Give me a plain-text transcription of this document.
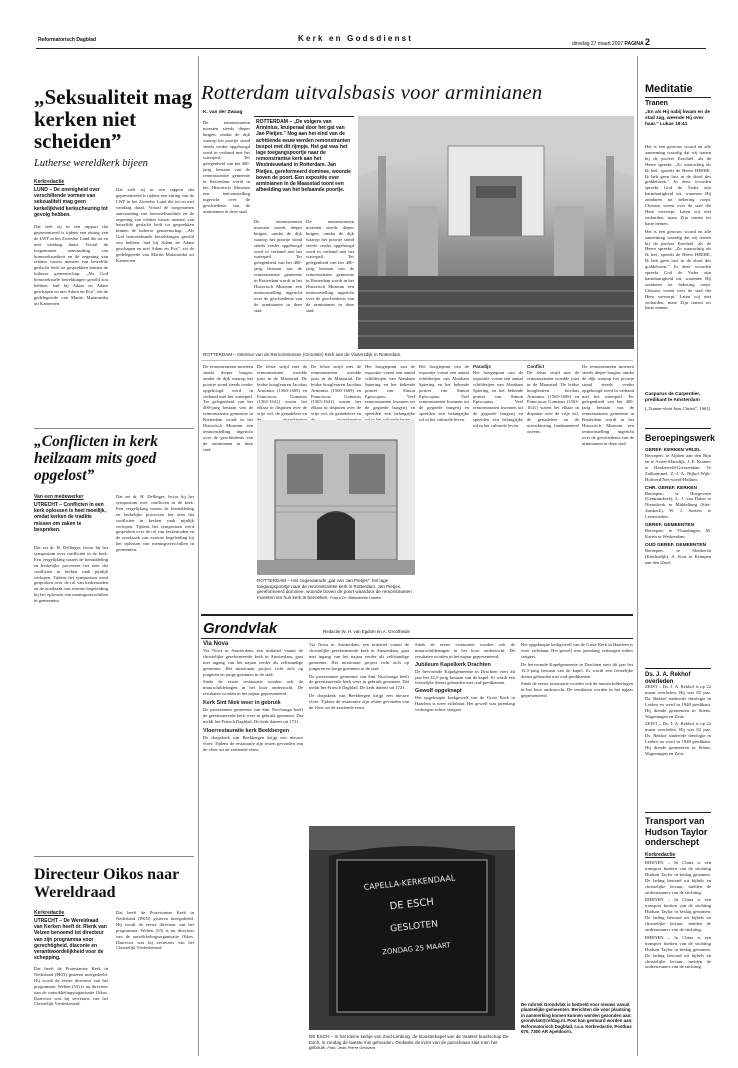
Reformatorisch Dagblad	Kerk en Godsdienst
dinsdag 27 maart 2007 PAGINA 2
„Seksualiteit mag kerken niet scheiden”
Lutherse wereldkerk bijeen
Kerkredactie
LUND – De onenigheid over verschillende vormen van seksualiteit mag geen kerkelijkheid kerkscheuring tot gevolg hebben.

Dat stelt zij in een rapport dat gepresenteerd is tijdens een zitting van de LWF in het Zweedse Lund die tot en met vandaag duurt. Vooral de toegenomen aanvaarding van homoseksualiteit en de zegening van relaties tussen mensen van hetzelfde geslacht leidt tot gesprekken binnen de lutherse gemeenschap. „Als God homoseksuele betrekkingen gewild zou hebben, had hij Adam en Adam geschapen en niet Adam en Eva”, zei de gedelegeerde van Martin Mutaromba uit Kameroen.

Dat stelt zij in een rapport dat gepresenteerd is tijdens een zitting van de LWF in het Zweedse Lund die tot en met vandaag duurt. Vooral de toegenomen aanvaarding van homoseksualiteit en de zegening van relaties tussen mensen van hetzelfde geslacht leidt tot gesprekken binnen de lutherse gemeenschap. „Als God homoseksuele betrekkingen gewild zou hebben, had hij Adam en Adam geschapen en niet Adam en Eva”, zei de gedelegeerde van Martin Mutaromba uit Kameroen.

„Conflicten in kerk heilzaam mits goed opgelost”
Van een medewerker
UTRECHT – Conflicten in een kerk oplossen is heel moeilijk, omdat kerken de traditie missen om zaken te bespreken.

Dat zei dr. H. Dellinger, lector bij het symposium over conflicten in de kerk. Een vergelijking tussen de bemiddeling en kerkelijke processen liet zien dat conflicten in kerken vaak pijnlijk verlopen. Tijdens het symposium werd gesproken over de rol van kerkenraden en de noodzaak van externe begeleiding bij het oplossen van meningsverschillen in gemeenten.

Dat zei dr. H. Dellinger, lector bij het symposium over conflicten in de kerk. Een vergelijking tussen de bemiddeling en kerkelijke processen liet zien dat conflicten in kerken vaak pijnlijk verlopen. Tijdens het symposium werd gesproken over de rol van kerkenraden en de noodzaak van externe begeleiding bij het oplossen van meningsverschillen in gemeenten.

Directeur Oikos naar Wereldraad
Kerkredactie
UTRECHT – De Wereldraad van Kerken heeft dr. Rienk van Velzen benoemd tot directeur van zijn programma voor gerechtigheid, diaconie en verantwoordelijkheid voor de schepping.

Dat heeft de Protestantse Kerk in Nederland (PKN) gisteren meegedeeld. Hij wordt de eerste directeur van het programma. Welten (55) is nu directeur van de ontwikkelingsorganisatie Oikos. Daarvoor was hij secretaris van het Christelijk Vredesberaad.

Dat heeft de Protestantse Kerk in Nederland (PKN) gisteren meegedeeld. Hij wordt de eerste directeur van het programma. Welten (55) is nu directeur van de ontwikkelingsorganisatie Oikos. Daarvoor was hij secretaris van het Christelijk Vredesberaad.

Rotterdam uitvalsbasis voor arminianen
K. van der Zwaag

De remonstranten moesten steeds dieper buigen, omdat de dijk waarop het poortje stond steeds verder opgehoogd werd in verband met het waterpeil. Ter gelegenheid van het 400-jarig bestaan van de remonstrantse gemeente in Rotterdam wordt in het Historisch Museum een tentoonstelling ingericht over de geschiedenis van de arminianen in deze stad.

ROTTERDAM – „De volgers van Arminius, kruiperaal door het gat van Jan Pietjes.” Nog aan het eind van de achttiende eeuw werden remonstranten bespot met dit rijmpje. Het gat was het lage toegangspoortje naar de remonstrantse kerk aan het Westnieuwland in Rotterdam. Jan Pietjes, gereformeerd dominee, woonde boven de poort. Een expositie over arminianen in de Maasstad toont een afbeelding van het befaamde poortje.

De remonstranten moesten steeds dieper buigen, omdat de dijk waarop het poortje stond steeds verder opgehoogd werd in verband met het waterpeil. Ter gelegenheid van het 400-jarig bestaan van de remonstrantse gemeente in Rotterdam wordt in het Historisch Museum een tentoonstelling ingericht over de geschiedenis van de arminianen in deze stad.

De remonstranten moesten steeds dieper buigen, omdat de dijk waarop het poortje stond steeds verder opgehoogd werd in verband met het waterpeil. Ter gelegenheid van het 400-jarig bestaan van de remonstrantse gemeente in Rotterdam wordt in het Historisch Museum een tentoonstelling ingericht over de geschiedenis van de arminianen in deze stad.

ROTTERDAM – Interieur van de Remonstrantse (Grootste) Kerk aan de Vissersdijk in Rotterdam.

De remonstranten moesten steeds dieper buigen, omdat de dijk waarop het poortje stond steeds verder opgehoogd werd in verband met het waterpeil. Ter gelegenheid van het 400-jarig bestaan van de remonstrantse gemeente in Rotterdam wordt in het Historisch Museum een tentoonstelling ingericht over de geschiedenis van de arminianen in deze stad.

De felste strijd met de remonstranten woedde juist in de Maasstad. De leidse hoogleraren Jacobus Arminius (1560-1609) en Franciscus Gomarus (1563-1641) waren het elkaar in disputen over de vrije wil, de genadeleer en

De felste strijd met de remonstranten woedde juist in de Maasstad. De leidse hoogleraren Jacobus Arminius (1560-1609) en Franciscus Gomarus (1563-1641) waren het elkaar in disputen over de vrije wil, de genadeleer en

Het hoogtepunt van de expositie vormt een aantal schilderijen van Abraham Spiering en het bekende portret van Simon Episcopius. Veel remonstranten kwamen uit de gegoede burgerij en speelden een belangrijke

ROTTERDAM – Het zogenaamde „gat van Jan Pietjes”: het lage toegangspoortje naar de remonstrantse kerk in Rotterdam. Jan Pietjes, gereformeerd dominee, woonde boven de poort waardoor de remonstranten moesten om hun kerk te bezoeken. Foto's Dr. Bibliotheek Leiden

Het hoogtepunt van de expositie vormt een aantal schilderijen van Abraham Spiering en het bekende portret van Simon Episcopius. Veel remonstranten kwamen uit de gegoede burgerij en speelden een belangrijke rol in het culturele leven.

Paradijs

Het hoogtepunt van de expositie vormt een aantal schilderijen van Abraham Spiering en het bekende portret van Simon Episcopius. Veel remonstranten kwamen uit de gegoede burgerij en speelden een belangrijke rol in het culturele leven.

Conflict

De felste strijd met de remonstranten woedde juist in de Maasstad. De leidse hoogleraren Jacobus Arminius (1560-1609) en Franciscus Gomarus (1563-1641) waren het elkaar in disputen over de vrije wil, de genadeleer en de uitverkiezing fundamenteel oneens.

De remonstranten moesten steeds dieper buigen, omdat de dijk waarop het poortje stond steeds verder opgehoogd werd in verband met het waterpeil. Ter gelegenheid van het 400-jarig bestaan van de remonstrantse gemeente in Rotterdam wordt in het Historisch Museum een tentoonstelling ingericht over de geschiedenis van de arminianen in deze stad.

Grondvlak	Redactie W. H. van Egdom en A. Grootheide
Via Nova

Via Nova in Amsterdam, een initiatief vanuit de christelijke gereformeerde kerk in Amsterdam, gaat met ingang van het najaar verder als zelfstandige gemeente. Het missionair project richt zich op jongeren en jonge gezinnen in de stad.

Sinds de eerste restauratie worden ook de muurschilderingen in het koor onderzocht. De resultaten worden in het najaar gepresenteerd.

Kerk Sint Niek weer in gebruik

De protestantse gemeente van Sint Nicolaasga heeft de gerestaureerde kerk weer in gebruik genomen. Dat meldt het Friesch Dagblad. De kerk dateert uit 1721.

Vloerrestauratie kerk Beekbergen

De dorpskerk van Beekbergen krijgt een nieuwe vloer. Tijdens de restauratie zijn resten gevonden van de vloer uit de zestiende eeuw.

Via Nova in Amsterdam, een initiatief vanuit de christelijke gereformeerde kerk in Amsterdam, gaat met ingang van het najaar verder als zelfstandige gemeente. Het missionair project richt zich op jongeren en jonge gezinnen in de stad.

De protestantse gemeente van Sint Nicolaasga heeft de gerestaureerde kerk weer in gebruik genomen. Dat meldt het Friesch Dagblad. De kerk dateert uit 1721.

De dorpskerk van Beekbergen krijgt een nieuwe vloer. Tijdens de restauratie zijn resten gevonden van de vloer uit de zestiende eeuw.

Sinds de eerste restauratie worden ook de muurschilderingen in het koor onderzocht. De resultaten worden in het najaar gepresenteerd.

Jubileum Kapelkerk Drachten

De hervormde Kapelgemeente in Drachten viert dit jaar het 12,5-jarig bestaan van de kapel. Er wordt een feestelijke dienst gehouden met oud-predikanten.

Gewolf opgeknapt

Het opgeknapte kerkgewelf van de Grote Kerk in Haarlem is weer zichtbaar. Het gewelf was jarenlang verborgen achter steigers.

Het opgeknapte kerkgewelf van de Grote Kerk in Haarlem is weer zichtbaar. Het gewelf was jarenlang verborgen achter steigers.

De hervormde Kapelgemeente in Drachten viert dit jaar het 12,5-jarig bestaan van de kapel. Er wordt een feestelijke dienst gehouden met oud-predikanten.

Sinds de eerste restauratie worden ook de muurschilderingen in het koor onderzocht. De resultaten worden in het najaar gepresenteerd.

De rubriek Grondvlak is bedoeld voor nieuws vanuit plaatselijke gemeenten. Berichten die voor plaatsing in aanmerking komen kunnen worden gezonden aan: grondvlak@refdag.nl. Post kan gestuurd worden aan: Reformatorisch Dagblad, t.a.v. Kerkredactie, Postbus 670, 7300 AR Apeldoorn.
CAPELLA-KERKENDAAL
DE ESCH
GESLOTEN
ZONDAG 25 MAART
DE ESCH – In het kleine kerkje van Zuid-Limburg, de kloosterkapel van de Vaalser buurtschap De Esch, is zondag de laatste mis gehouden. Ondanks de inzet van de parochiaan sluit men het gebouw. Foto: Jean-Pierre Geusens
Meditatie
Tranen
„En als Hij nabij kwam en de stad zag, weende Hij over haar.” Lukas 19:41

Het is een getrouw woord en alle aanneming waardig dat wij tranen bij de profeet Ezechiël, als de Heere spreekt: „Zo waarachtig als Ik leef, spreekt de Heere HEERE, Ik heb geen lust in de dood des goddelozen.” In deze woorden spreekt God de Vader zijn barmhartigheid uit, waarmee Hij zondaren tot bekering roept. Christus weent over de stad die Hem verwerpt. Laten wij niet verharden, maar Zijn tranen ter harte nemen.

Het is een getrouw woord en alle aanneming waardig dat wij tranen bij de profeet Ezechiël, als de Heere spreekt: „Zo waarachtig als Ik leef, spreekt de Heere HEERE, Ik heb geen lust in de dood des goddelozen.” In deze woorden spreekt God de Vader zijn barmhartigheid uit, waarmee Hij zondaren tot bekering roept. Christus weent over de stad die Hem verwerpt. Laten wij niet verharden, maar Zijn tranen ter harte nemen.

Casparus de Carpentier, predikant te Amsterdam
(„Tranen-vloet Jezu Christi”, 1661)
Beroepingswerk
GEREF. KERKEN VRIJG.
Beroepen: te Alphen aan den Rijn en te Assen-Marsdijk, J. E. Kramer te Hardenveld-Giessendam. Te Zaltbommel, Z.-J. A. Nijhof-Wijk-Holwerd/Nes-wierd-Hallum.
CHR. GEREF. KERKEN
Beroepen: te Hoogeveen (Centrumkerk), L. J. van Dalen te Nieuwkerk te Middelburg (Sint-Janskerk), W. J. Soeters te Leeuwarden.
GEREF. GEMEENTEN
Beroepen: te Vlaardingen, M. Karels te Werkendam.
OUD GEREF. GEMEENTEN
Beroepen: te Sliedrecht (Kinderdijk), A. Kort te Krimpen aan den IJssel.
Ds. J. A. Rekhof overleden

ZEIST – Ds. J. A. Rekhof is op 22 maart overleden. Hij was 82 jaar. Ds. Rekhof studeerde theologie in Leiden en werd in 1948 predikant. Hij diende gemeenten in Stiens, Wageningen en Zeist.

ZEIST – Ds. J. A. Rekhof is op 22 maart overleden. Hij was 82 jaar. Ds. Rekhof studeerde theologie in Leiden en werd in 1948 predikant. Hij diende gemeenten in Stiens, Wageningen en Zeist.

Transport van Hudson Taylor onderschept
Kerkredactie

RHENEN – In China is een transport boeken van de stichting Hudson Taylor in beslag genomen. De lading bestond uit bijbels en christelijke lectuur, melden de ondersteuners van de stichting.

RHENEN – In China is een transport boeken van de stichting Hudson Taylor in beslag genomen. De lading bestond uit bijbels en christelijke lectuur, melden de ondersteuners van de stichting.

RHENEN – In China is een transport boeken van de stichting Hudson Taylor in beslag genomen. De lading bestond uit bijbels en christelijke lectuur, melden de ondersteuners van de stichting.
